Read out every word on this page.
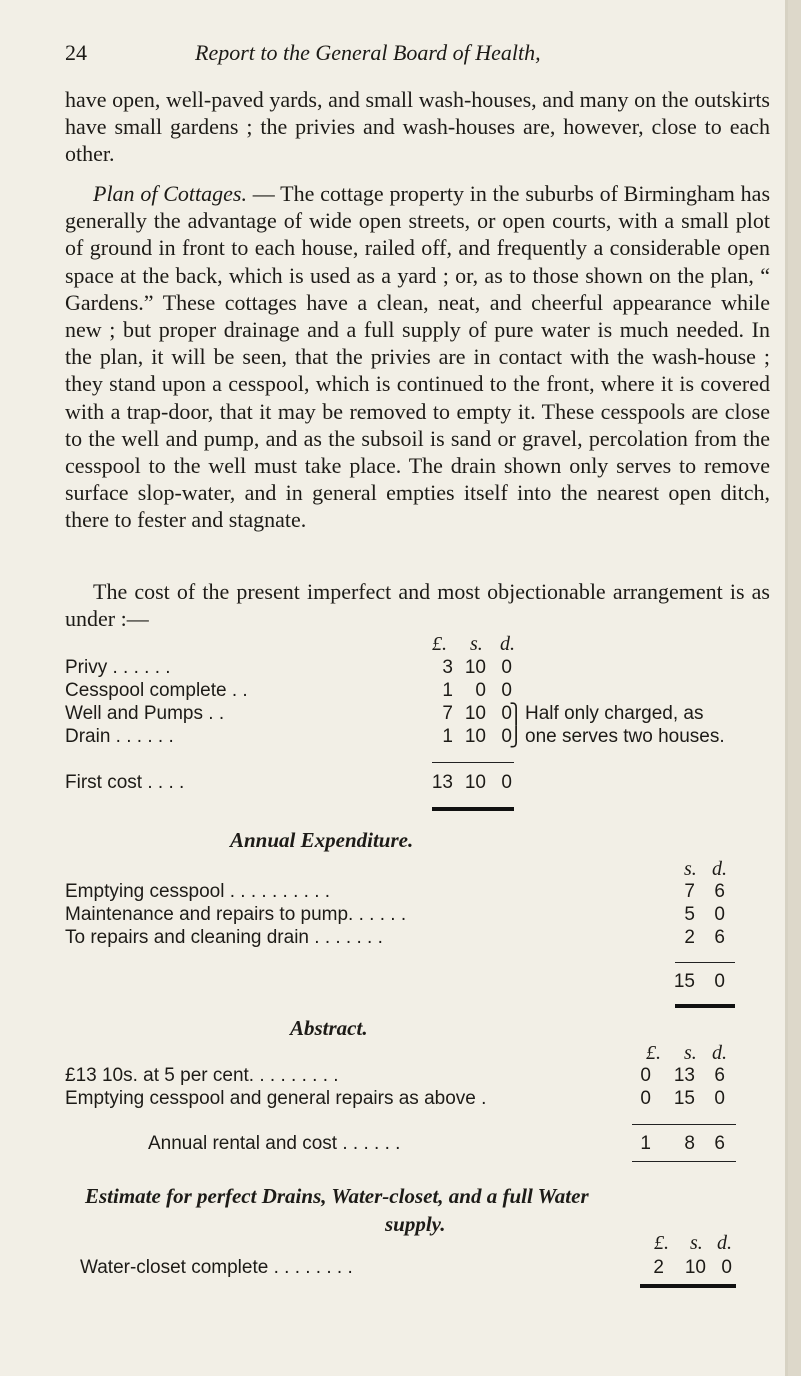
24	Report to the General Board of Health,

have open, well-paved yards, and small wash-houses, and many on the outskirts have small gardens ; the privies and wash-houses are, however, close to each other.

Plan of Cottages. — The cottage property in the suburbs of Birmingham has generally the advantage of wide open streets, or open courts, with a small plot of ground in front to each house, railed off, and frequently a considerable open space at the back, which is used as a yard ; or, as to those shown on the plan, “ Gardens.” These cottages have a clean, neat, and cheerful appearance while new ; but proper drainage and a full supply of pure water is much needed. In the plan, it will be seen, that the privies are in contact with the wash-house ; they stand upon a cesspool, which is continued to the front, where it is covered with a trap-door, that it may be removed to empty it. These cesspools are close to the well and pump, and as the subsoil is sand or gravel, percolation from the cesspool to the well must take place. The drain shown only serves to remove surface slop-water, and in general empties itself into the nearest open ditch, there to fester and stagnate.

The cost of the present imperfect and most objectionable arrangement is as under :—

£. s. d.
Privy . . . . . .	3 10 0
Cesspool complete . .	1	0 0
Well and Pumps . .	7 10 0 Half only charged, as
Drain . . . . . .	1 10 0 one serves two houses.
⎫
⎭
First cost . . . .	13 10 0
Annual Expenditure.
s. d.
Emptying cesspool . . . . . . . . . .	7 6
Maintenance and repairs to pump. . . . . .	5 0
To repairs and cleaning drain . . . . . . .	2 6
15 0
Abstract.
£. s. d.
£13 10s. at 5 per cent. . . . . . . . .	0	13 6
Emptying cesspool and general repairs as above .	0	15 0
Annual rental and cost . . . . . .	1	8 6
Estimate for perfect Drains, Water-closet, and a full Water
supply.
£. s. d.
Water-closet complete . . . . . . . .	2	10 0
